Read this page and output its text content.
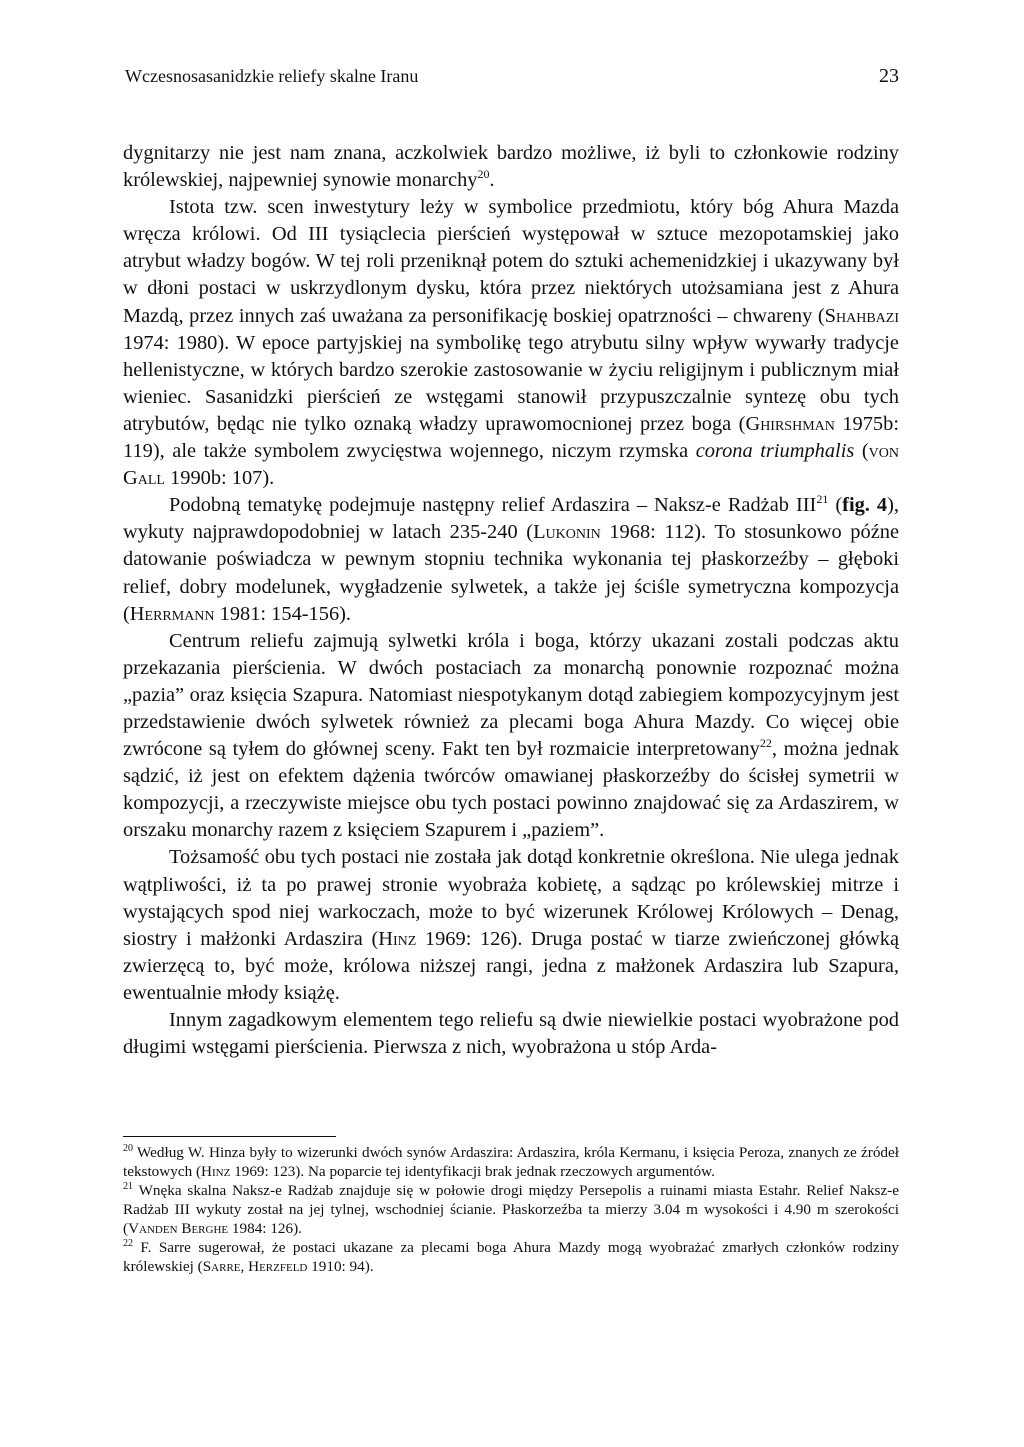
Wczesnosasanidzkie reliefy skalne Iranu	23

dygnitarzy nie jest nam znana, aczkolwiek bardzo możliwe, iż byli to członkowie rodziny królewskiej, najpewniej synowie monarchy$^{20}$.

Istota tzw. scen inwestytury leży w symbolice przedmiotu, który bóg Ahura Mazda wręcza królowi. Od III tysiąclecia pierścień występował w sztuce mezopotamskiej jako atrybut władzy bogów. W tej roli przeniknął potem do sztuki achemenidzkiej i ukazywany był w dłoni postaci w uskrzydlonym dysku, która przez niektórych utożsamiana jest z Ahura Mazdą, przez innych zaś uważana za personifikację boskiej opatrzności – chwareny (Shahbazi 1974: 1980). W epoce partyjskiej na symbolikę tego atrybutu silny wpływ wywarły tradycje hellenistyczne, w których bardzo szerokie zastosowanie w życiu religijnym i publicznym miał wieniec. Sasanidzki pierścień ze wstęgami stanowił przypuszczalnie syntezę obu tych atrybutów, będąc nie tylko oznaką władzy uprawomocnionej przez boga (Ghirshman 1975b: 119), ale także symbolem zwycięstwa wojennego, niczym rzymska corona triumphalis (von Gall 1990b: 107).

Podobną tematykę podejmuje następny relief Ardaszira – Naksz-e Radżab III$^{21}$ (fig. 4), wykuty najprawdopodobniej w latach 235-240 (Lukonin 1968: 112). To stosunkowo późne datowanie poświadcza w pewnym stopniu technika wykonania tej płaskorzeźby – głęboki relief, dobry modelunek, wygładzenie sylwetek, a także jej ściśle symetryczna kompozycja (Herrmann 1981: 154-156).

Centrum reliefu zajmują sylwetki króla i boga, którzy ukazani zostali podczas aktu przekazania pierścienia. W dwóch postaciach za monarchą ponownie rozpoznać można „pazia” oraz księcia Szapura. Natomiast niespotykanym dotąd zabiegiem kompozycyjnym jest przedstawienie dwóch sylwetek również za plecami boga Ahura Mazdy. Co więcej obie zwrócone są tyłem do głównej sceny. Fakt ten był rozmaicie interpretowany$^{22}$, można jednak sądzić, iż jest on efektem dążenia twórców omawianej płaskorzeźby do ścisłej symetrii w kompozycji, a rzeczywiste miejsce obu tych postaci powinno znajdować się za Ardaszirem, w orszaku monarchy razem z księciem Szapurem i „paziem”.

Tożsamość obu tych postaci nie została jak dotąd konkretnie określona. Nie ulega jednak wątpliwości, iż ta po prawej stronie wyobraża kobietę, a sądząc po królewskiej mitrze i wystających spod niej warkoczach, może to być wizerunek Królowej Królowych – Denag, siostry i małżonki Ardaszira (Hinz 1969: 126). Druga postać w tiarze zwieńczonej główką zwierzęcą to, być może, królowa niższej rangi, jedna z małżonek Ardaszira lub Szapura, ewentualnie młody książę.

Innym zagadkowym elementem tego reliefu są dwie niewielkie postaci wyobrażone pod długimi wstęgami pierścienia. Pierwsza z nich, wyobrażona u stóp Arda-

$^{20}$ Według W. Hinza były to wizerunki dwóch synów Ardaszira: Ardaszira, króla Kermanu, i księcia Peroza, znanych ze źródeł tekstowych (Hinz 1969: 123). Na poparcie tej identyfikacji brak jednak rzeczowych argumentów.

$^{21}$ Wnęka skalna Naksz-e Radżab znajduje się w połowie drogi między Persepolis a ruinami miasta Estahr. Relief Naksz-e Radżab III wykuty został na jej tylnej, wschodniej ścianie. Płaskorzeźba ta mierzy 3.04 m wysokości i 4.90 m szerokości (Vanden Berghe 1984: 126).

$^{22}$ F. Sarre sugerował, że postaci ukazane za plecami boga Ahura Mazdy mogą wyobrażać zmarłych członków rodziny królewskiej (Sarre, Herzfeld 1910: 94).
